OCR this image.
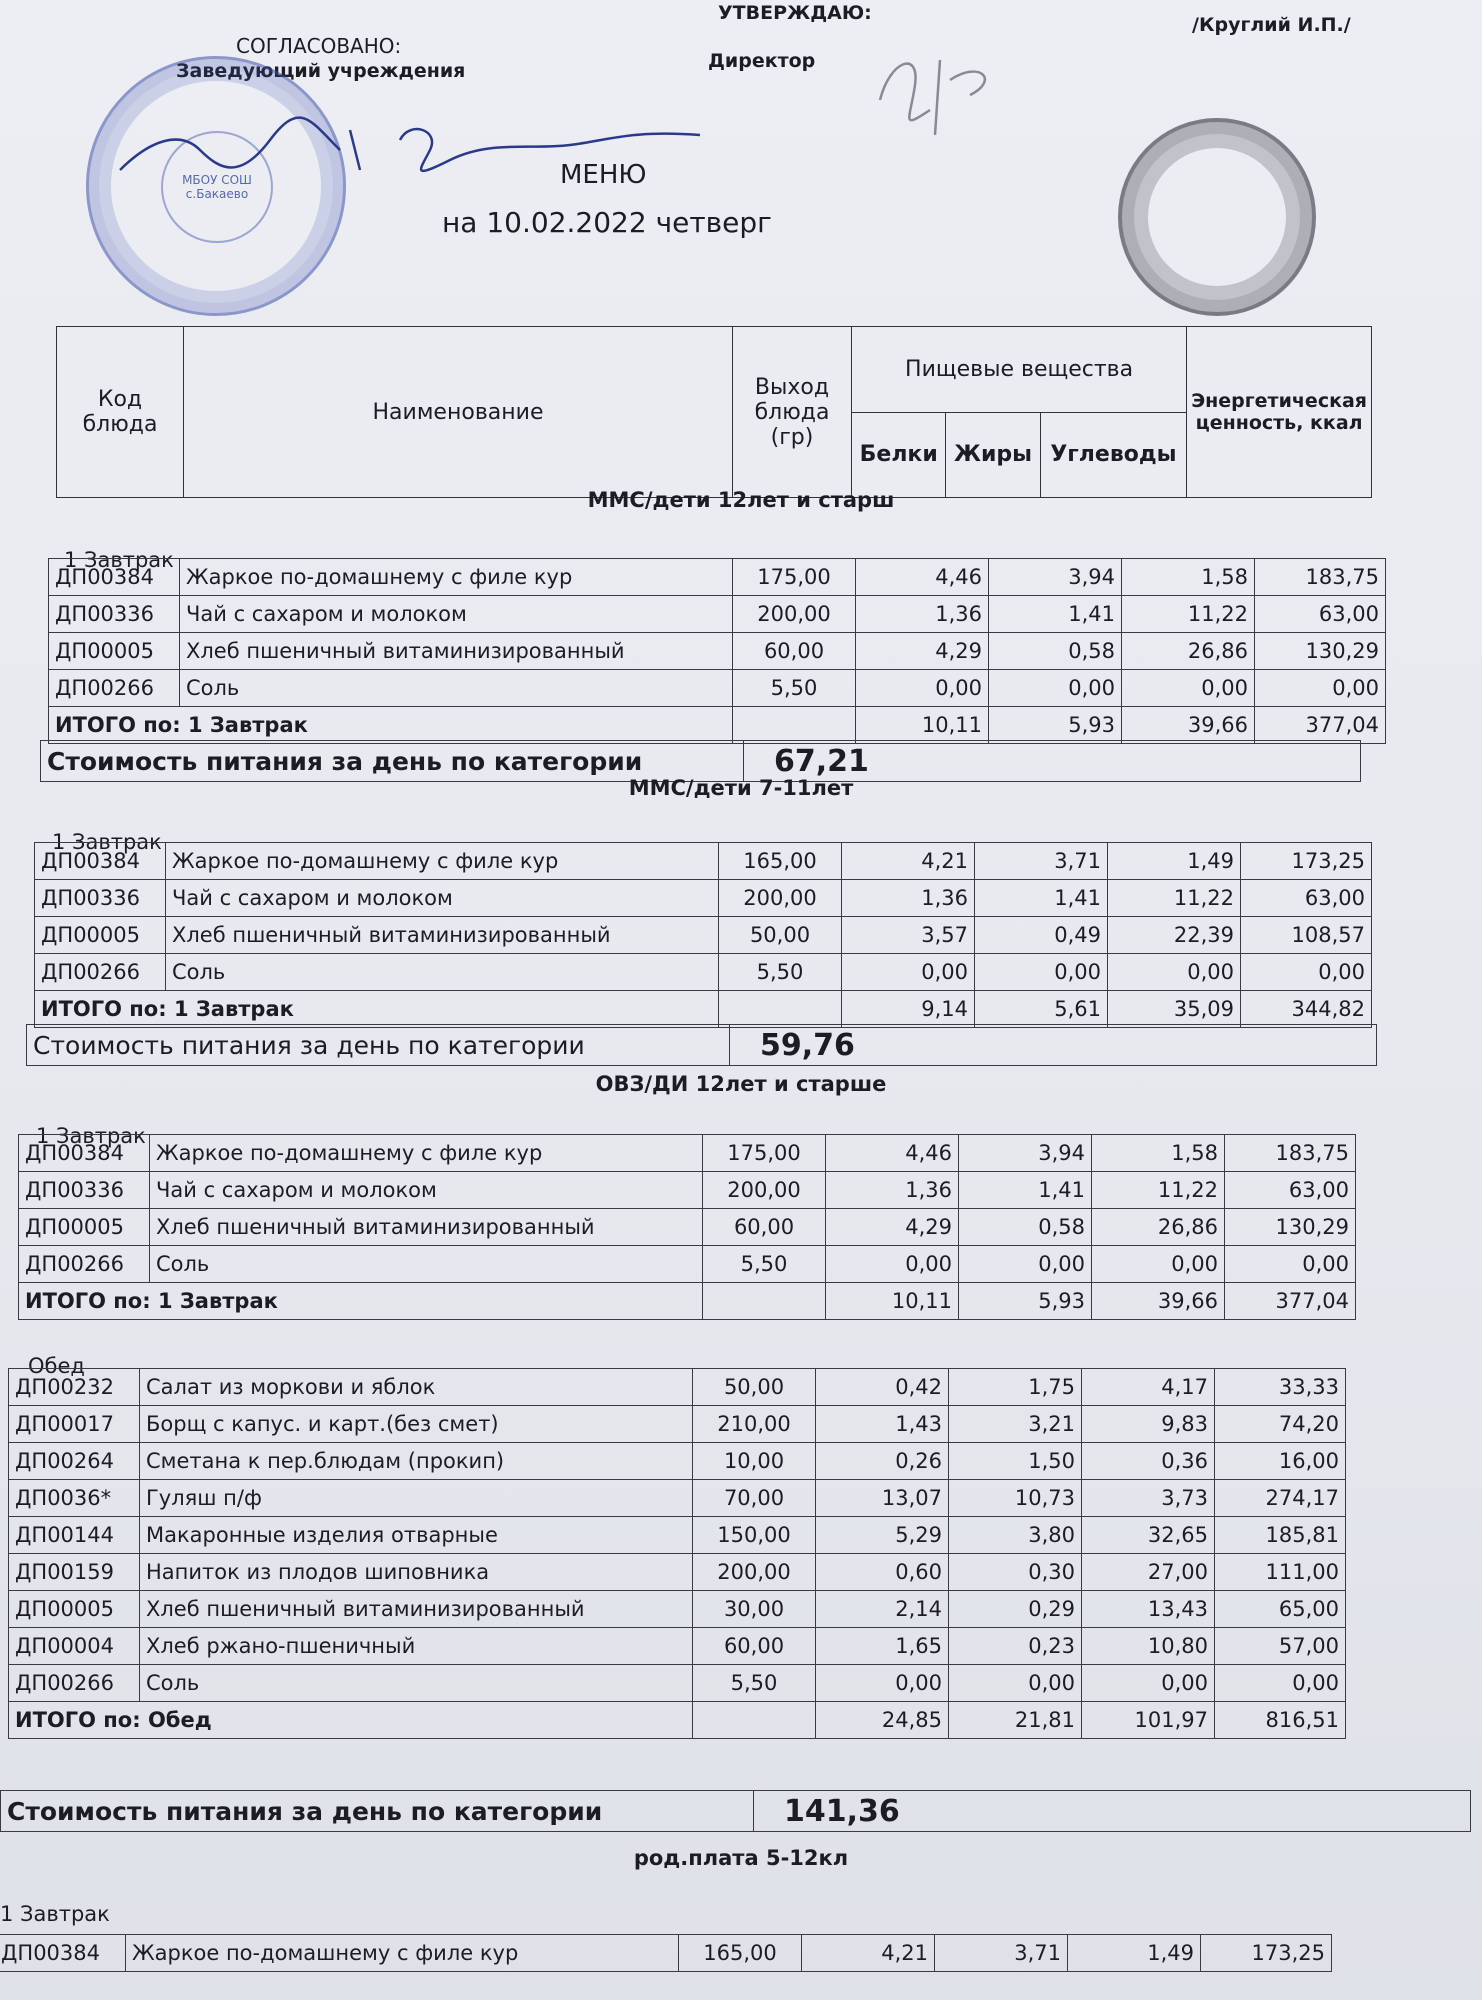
СОГЛАСОВАНО:
Заведующий учреждения
УТВЕРЖДАЮ:
Директор
/Круглий И.П./
МБОУ СОШ с.Бакаево
МЕНЮ
на 10.02.2022 четверг
Код блюда	Наименование	Выход блюда (гр)	Пищевые вещества			Энергетическая ценность, ккал
			Белки	Жиры	Углеводы	
ММС/дети 12лет и старш
1 Завтрак
ДП00384	Жаркое по-домашнему с филе кур	175,00	4,46	3,94	1,58	183,75
ДП00336	Чай с сахаром и молоком	200,00	1,36	1,41	11,22	63,00
ДП00005	Хлеб пшеничный витаминизированный	60,00	4,29	0,58	26,86	130,29
ДП00266	Соль	5,50	0,00	0,00	0,00	0,00
ИТОГО по: 1 Завтрак			10,11	5,93	39,66	377,04
Стоимость питания за день по категории	67,21
ММС/дети 7-11лет
1 Завтрак
ДП00384	Жаркое по-домашнему с филе кур	165,00	4,21	3,71	1,49	173,25
ДП00336	Чай с сахаром и молоком	200,00	1,36	1,41	11,22	63,00
ДП00005	Хлеб пшеничный витаминизированный	50,00	3,57	0,49	22,39	108,57
ДП00266	Соль	5,50	0,00	0,00	0,00	0,00
ИТОГО по: 1 Завтрак			9,14	5,61	35,09	344,82
Стоимость питания за день по категории	59,76
ОВЗ/ДИ 12лет и старше
1 Завтрак
ДП00384	Жаркое по-домашнему с филе кур	175,00	4,46	3,94	1,58	183,75
ДП00336	Чай с сахаром и молоком	200,00	1,36	1,41	11,22	63,00
ДП00005	Хлеб пшеничный витаминизированный	60,00	4,29	0,58	26,86	130,29
ДП00266	Соль	5,50	0,00	0,00	0,00	0,00
ИТОГО по: 1 Завтрак			10,11	5,93	39,66	377,04
Обед
ДП00232	Салат из моркови и яблок	50,00	0,42	1,75	4,17	33,33
ДП00017	Борщ с капус. и карт.(без смет)	210,00	1,43	3,21	9,83	74,20
ДП00264	Сметана к пер.блюдам (прокип)	10,00	0,26	1,50	0,36	16,00
ДП0036*	Гуляш п/ф	70,00	13,07	10,73	3,73	274,17
ДП00144	Макаронные изделия отварные	150,00	5,29	3,80	32,65	185,81
ДП00159	Напиток из плодов шиповника	200,00	0,60	0,30	27,00	111,00
ДП00005	Хлеб пшеничный витаминизированный	30,00	2,14	0,29	13,43	65,00
ДП00004	Хлеб ржано-пшеничный	60,00	1,65	0,23	10,80	57,00
ДП00266	Соль	5,50	0,00	0,00	0,00	0,00
ИТОГО по: Обед			24,85	21,81	101,97	816,51
Стоимость питания за день по категории	141,36
род.плата 5-12кл
1 Завтрак
ДП00384	Жаркое по-домашнему с филе кур	165,00	4,21	3,71	1,49	173,25
